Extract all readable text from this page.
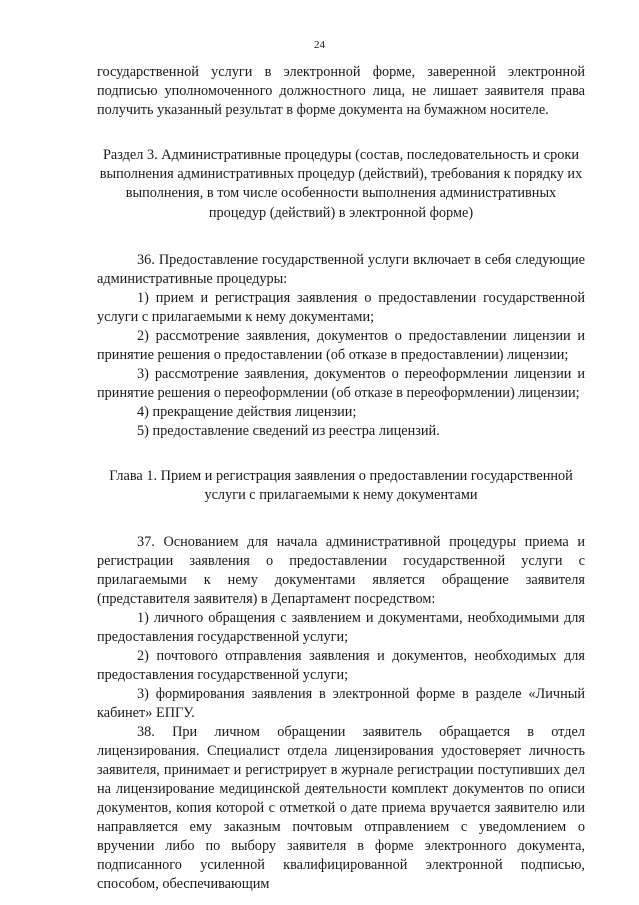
24

государственной услуги в электронной форме, заверенной электронной подписью уполномоченного должностного лица, не лишает заявителя права получить указанный результат в форме документа на бумажном носителе.

Раздел 3. Административные процедуры (состав, последовательность и сроки выполнения административных процедур (действий), требования к порядку их выполнения, в том числе особенности выполнения административных процедур (действий) в электронной форме)

36. Предоставление государственной услуги включает в себя следующие административные процедуры:

1) прием и регистрация заявления о предоставлении государственной услуги с прилагаемыми к нему документами;

2) рассмотрение заявления, документов о предоставлении лицензии и принятие решения о предоставлении (об отказе в предоставлении) лицензии;

3) рассмотрение заявления, документов о переоформлении лицензии и принятие решения о переоформлении (об отказе в переоформлении) лицензии;

4) прекращение действия лицензии;

5) предоставление сведений из реестра лицензий.

Глава 1. Прием и регистрация заявления о предоставлении государственной услуги с прилагаемыми к нему документами

37. Основанием для начала административной процедуры приема и регистрации заявления о предоставлении государственной услуги с прилагаемыми к нему документами является обращение заявителя (представителя заявителя) в Департамент посредством:

1) личного обращения с заявлением и документами, необходимыми для предоставления государственной услуги;

2) почтового отправления заявления и документов, необходимых для предоставления государственной услуги;

3) формирования заявления в электронной форме в разделе «Личный кабинет» ЕПГУ.

38. При личном обращении заявитель обращается в отдел лицензирования. Специалист отдела лицензирования удостоверяет личность заявителя, принимает и регистрирует в журнале регистрации поступивших дел на лицензирование медицинской деятельности комплект документов по описи документов, копия которой с отметкой о дате приема вручается заявителю или направляется ему заказным почтовым отправлением с уведомлением о вручении либо по выбору заявителя в форме электронного документа, подписанного усиленной квалифицированной электронной подписью, способом, обеспечивающим
